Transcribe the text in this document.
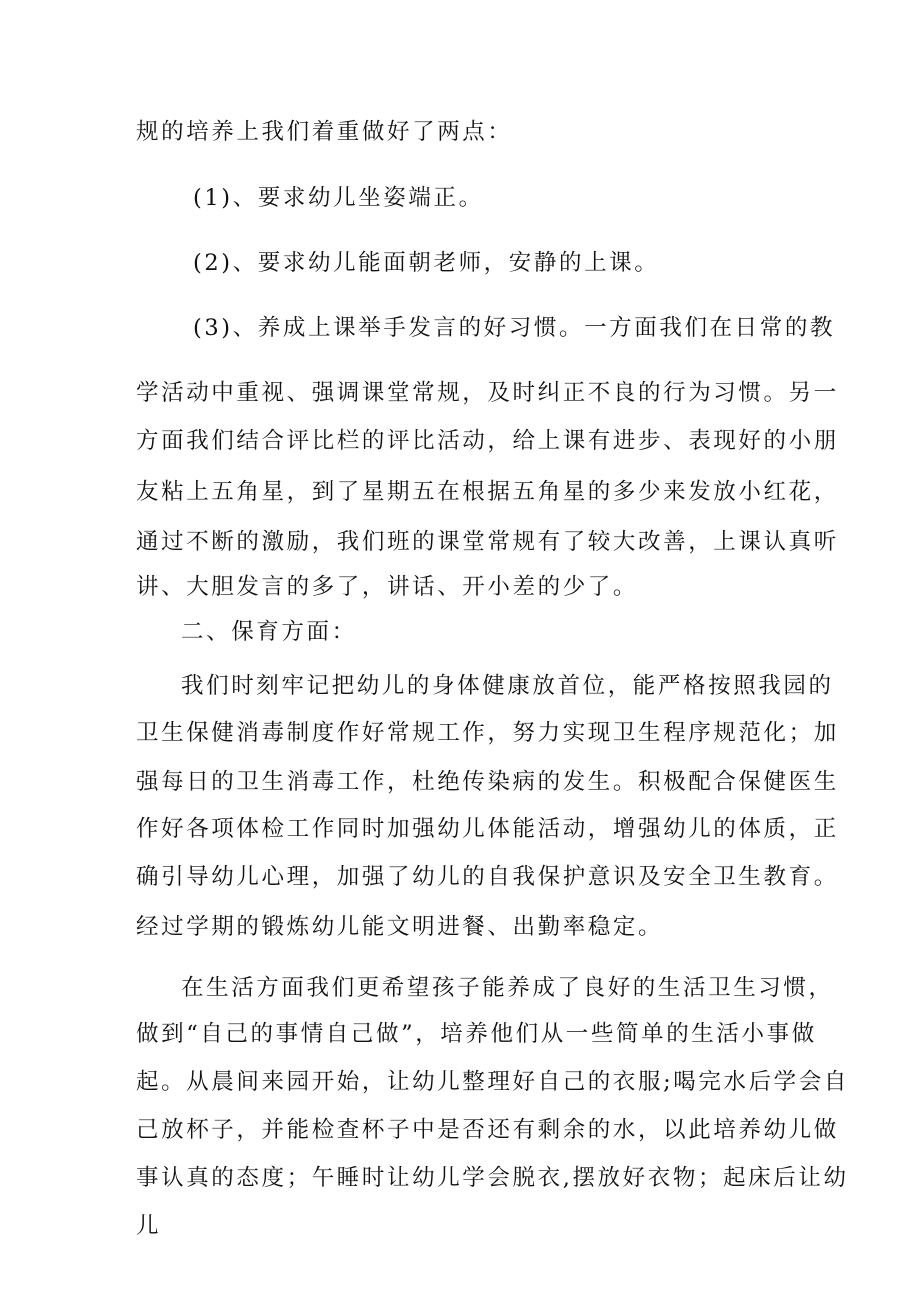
规的培养上我们着重做好了两点：
(1)、要求幼儿坐姿端正。
(2)、要求幼儿能面朝老师，安静的上课。
(3)、养成上课举手发言的好习惯。一方面我们在日常的教
学活动中重视、强调课堂常规，及时纠正不良的行为习惯。另一
方面我们结合评比栏的评比活动，给上课有进步、表现好的小朋
友粘上五角星，到了星期五在根据五角星的多少来发放小红花，
通过不断的激励，我们班的课堂常规有了较大改善，上课认真听
讲、大胆发言的多了，讲话、开小差的少了。
二、保育方面：
我们时刻牢记把幼儿的身体健康放首位，能严格按照我园的
卫生保健消毒制度作好常规工作，努力实现卫生程序规范化；加
强每日的卫生消毒工作，杜绝传染病的发生。积极配合保健医生
作好各项体检工作同时加强幼儿体能活动，增强幼儿的体质，正
确引导幼儿心理，加强了幼儿的自我保护意识及安全卫生教育。
经过学期的锻炼幼儿能文明进餐、出勤率稳定。
在生活方面我们更希望孩子能养成了良好的生活卫生习惯，
做到“自己的事情自己做”，培养他们从一些简单的生活小事做
起。从晨间来园开始，让幼儿整理好自己的衣服;喝完水后学会自
己放杯子，并能检查杯子中是否还有剩余的水，以此培养幼儿做
事认真的态度；午睡时让幼儿学会脱衣,摆放好衣物；起床后让幼
儿
